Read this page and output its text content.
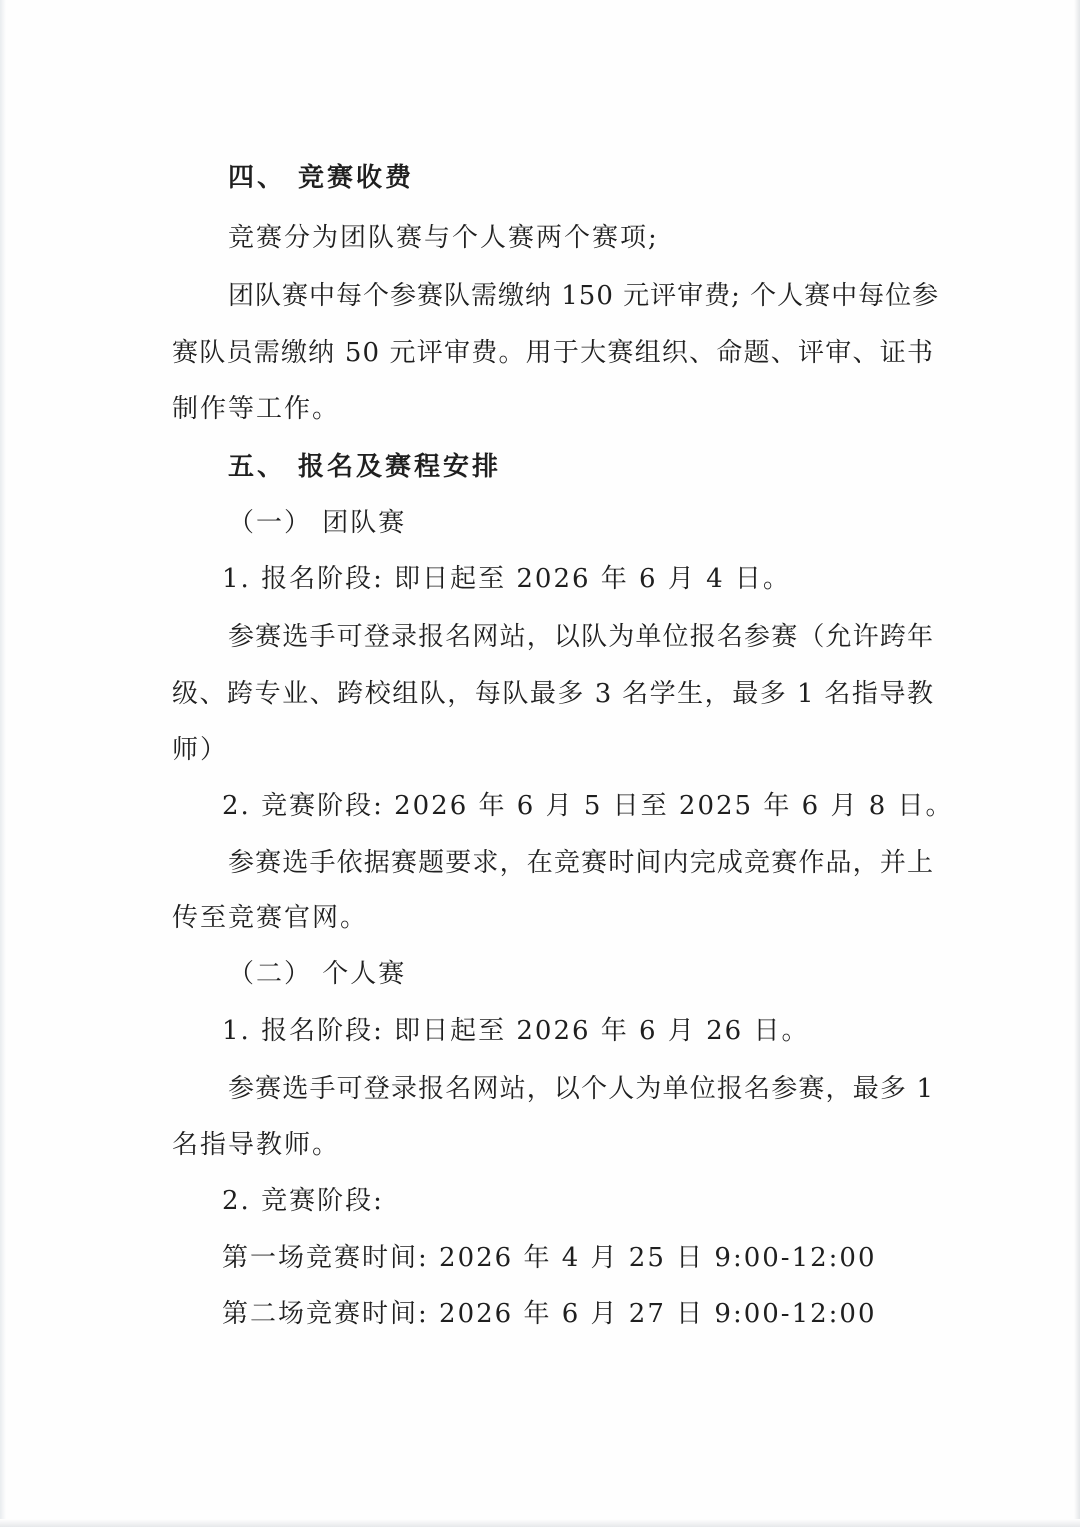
四、 竞赛收费
竞赛分为团队赛与个人赛两个赛项;
团队赛中每个参赛队需缴纳 150 元评审费; 个人赛中每位参
赛队员需缴纳 50 元评审费。用于大赛组织、命题、评审、证书
制作等工作。
五、 报名及赛程安排
（一） 团队赛
1. 报名阶段: 即日起至 2026 年 6 月 4 日。
参赛选手可登录报名网站，以队为单位报名参赛（允许跨年
级、跨专业、跨校组队，每队最多 3 名学生，最多 1 名指导教
师）
2. 竞赛阶段: 2026 年 6 月 5 日至 2025 年 6 月 8 日。
参赛选手依据赛题要求，在竞赛时间内完成竞赛作品，并上
传至竞赛官网。
（二） 个人赛
1. 报名阶段: 即日起至 2026 年 6 月 26 日。
参赛选手可登录报名网站，以个人为单位报名参赛，最多 1
名指导教师。
2. 竞赛阶段:
第一场竞赛时间: 2026 年 4 月 25 日 9:00-12:00
第二场竞赛时间: 2026 年 6 月 27 日 9:00-12:00
